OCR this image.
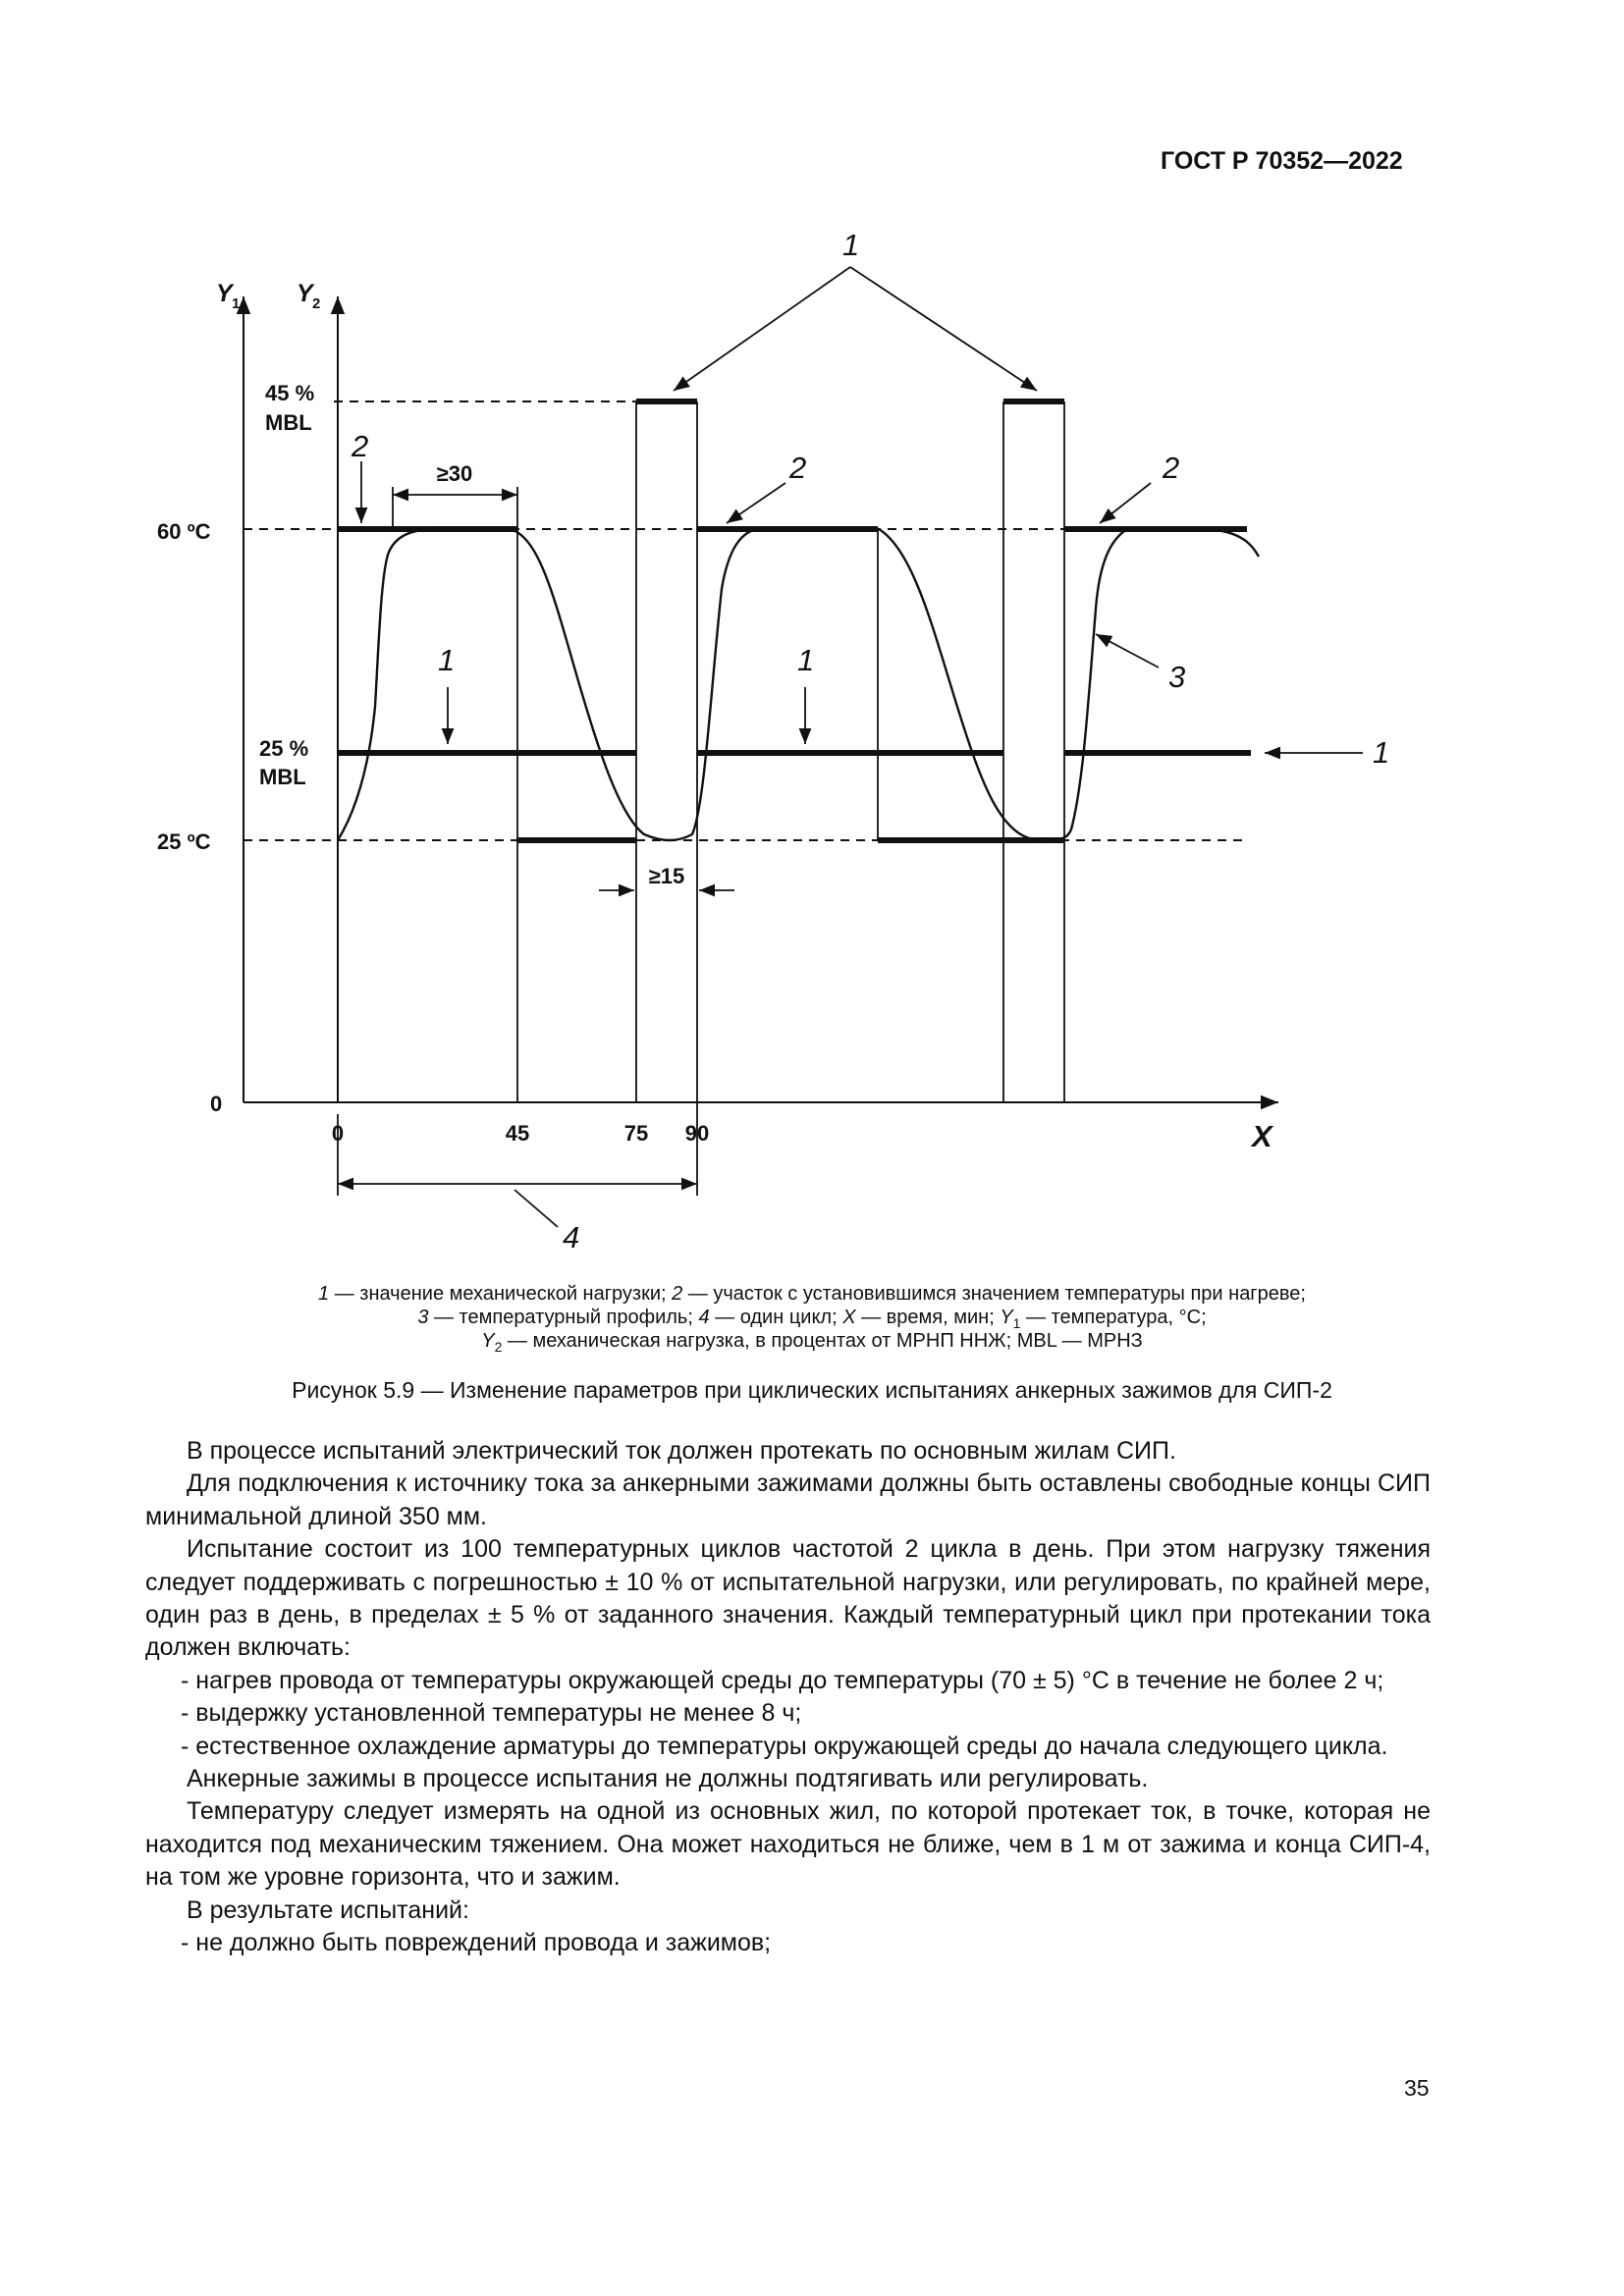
ГОСТ Р 70352—2022
≥30
≥15
Y 1 Y 2
X
45 %
MBL
60 ºC
25 %
MBL
25 ºC
0
0	45	75 90
1
2
2	2
3
1	1
1
4
1 — значение механической нагрузки; 2 — участок с установившимся значением температуры при нагреве;
3 — температурный профиль; 4 — один цикл; X — время, мин; $Y_1$ — температура, °C;
$Y_2$ — механическая нагрузка, в процентах от МРНП ННЖ; MBL — МРНЗ
Рисунок 5.9 — Изменение параметров при циклических испытаниях анкерных зажимов для СИП-2

В процессе испытаний электрический ток должен протекать по основным жилам СИП.

Для подключения к источнику тока за анкерными зажимами должны быть оставлены свободные концы СИП минимальной длиной 350 мм.

Испытание состоит из 100 температурных циклов частотой 2 цикла в день. При этом нагрузку тяжения следует поддерживать с погрешностью ± 10 % от испытательной нагрузки, или регулировать, по крайней мере, один раз в день, в пределах ± 5 % от заданного значения. Каждый температурный цикл при протекании тока должен включать:

- нагрев провода от температуры окружающей среды до температуры (70 ± 5) °С в течение не более 2 ч;

- выдержку установленной температуры не менее 8 ч;

- естественное охлаждение арматуры до температуры окружающей среды до начала следующего цикла.

Анкерные зажимы в процессе испытания не должны подтягивать или регулировать.

Температуру следует измерять на одной из основных жил, по которой протекает ток, в точке, которая не находится под механическим тяжением. Она может находиться не ближе, чем в 1 м от зажима и конца СИП-4, на том же уровне горизонта, что и зажим.

В результате испытаний:

- не должно быть повреждений провода и зажимов;

35
